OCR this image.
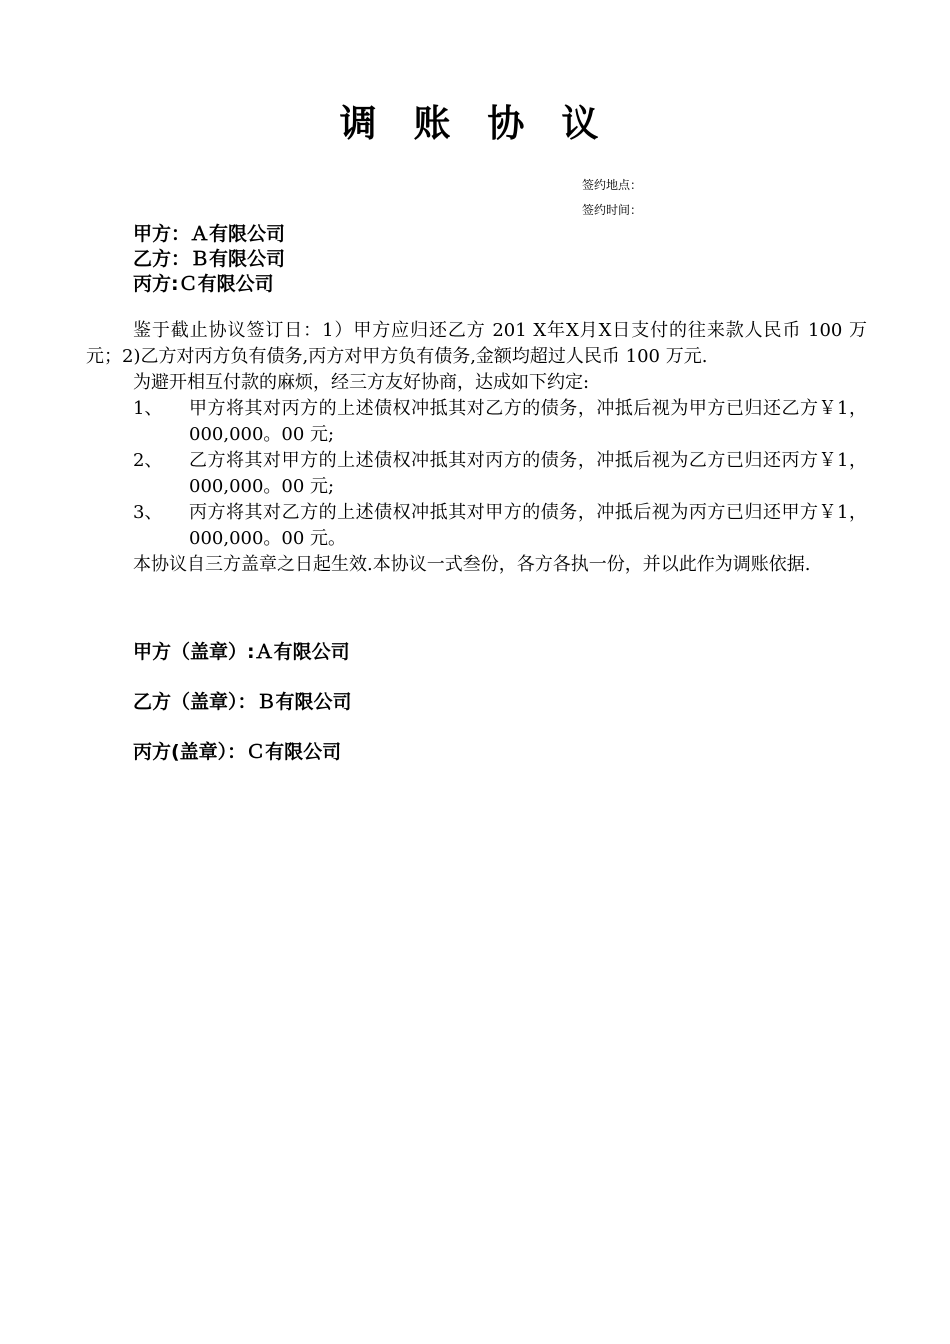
调 账 协 议
签约地点：
签约时间：
甲方：Ａ有限公司
乙方：Ｂ有限公司
丙方:Ｃ有限公司

鉴于截止协议签订日：1）甲方应归还乙方 201 X年X月X日支付的往来款人民币 100 万元；2)乙方对丙方负有债务,丙方对甲方负有债务,金额均超过人民币 100 万元.

为避开相互付款的麻烦，经三方友好协商，达成如下约定:

1、 甲方将其对丙方的上述债权冲抵其对乙方的债务，冲抵后视为甲方已归还乙方￥1，000,000。00 元;

2、 乙方将其对甲方的上述债权冲抵其对丙方的债务，冲抵后视为乙方已归还丙方￥1，000,000。00 元;

3、 丙方将其对乙方的上述债权冲抵其对甲方的债务，冲抵后视为丙方已归还甲方￥1，000,000。00 元。

本协议自三方盖章之日起生效.本协议一式叁份，各方各执一份，并以此作为调账依据.

甲方（盖章）:Ａ有限公司
乙方（盖章）：Ｂ有限公司
丙方(盖章）：Ｃ有限公司
